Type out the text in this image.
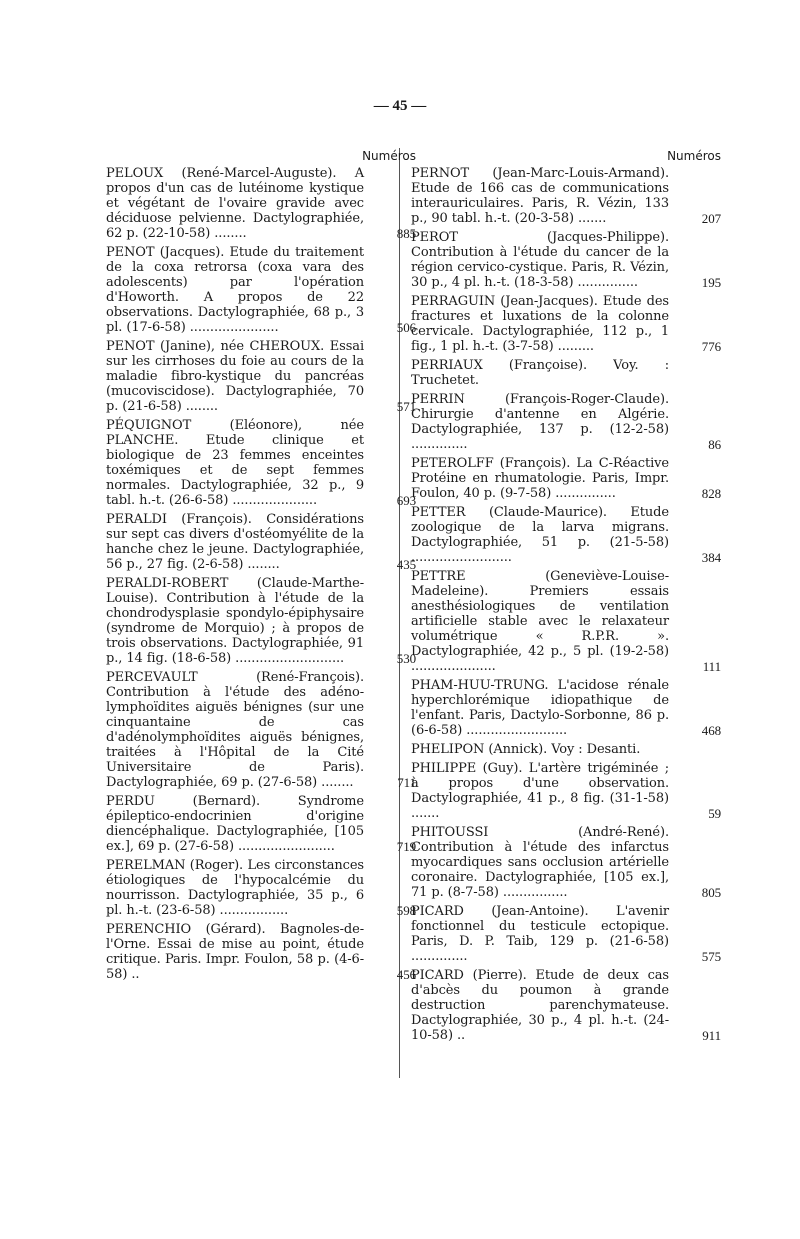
— 45 —
Numéros
PELOUX (René-Marcel-Auguste). A propos d'un cas de lutéinome kystique et végétant de l'ovaire gravide avec déciduose pelvienne. Dactylographiée, 62 p. (22-10-58) ........	885
PENOT (Jacques). Etude du traitement de la coxa retrorsa (coxa vara des adolescents) par l'opération d'Howorth. A propos de 22 observations. Dactylographiée, 68 p., 3 pl. (17-6-58) ......................	506
PENOT (Janine), née CHEROUX. Essai sur les cirrhoses du foie au cours de la maladie fibro-kystique du pancréas (mucoviscidose). Dactylographiée, 70 p. (21-6-58) ........	571
PÉQUIGNOT (Eléonore), née PLANCHE. Etude clinique et biologique de 23 femmes enceintes toxémiques et de sept femmes normales. Dactylographiée, 32 p., 9 tabl. h.-t. (26-6-58) .....................	693
PERALDI (François). Considérations sur sept cas divers d'ostéomyélite de la hanche chez le jeune. Dactylographiée, 56 p., 27 fig. (2-6-58) ........	435
PERALDI-ROBERT (Claude-Marthe-Louise). Contribution à l'étude de la chondrodysplasie spondylo-épiphysaire (syndrome de Morquio) ; à propos de trois observations. Dactylographiée, 91 p., 14 fig. (18-6-58) ...........................	530
PERCEVAULT (René-François). Contribution à l'étude des adéno-lymphoïdites aiguës bénignes (sur une cinquantaine de cas d'adénolymphoïdites aiguës bénignes, traitées à l'Hôpital de la Cité Universitaire de Paris). Dactylographiée, 69 p. (27-6-58) ........	711
PERDU (Bernard). Syndrome épileptico-endocrinien d'origine diencéphalique. Dactylographiée, [105 ex.], 69 p. (27-6-58) ........................	719
PERELMAN (Roger). Les circonstances étiologiques de l'hypocalcémie du nourrisson. Dactylographiée, 35 p., 6 pl. h.-t. (23-6-58) .................	598
PERENCHIO (Gérard). Bagnoles-de-l'Orne. Essai de mise au point, étude critique. Paris. Impr. Foulon, 58 p. (4-6-58) ..	456
Numéros
PERNOT (Jean-Marc-Louis-Armand). Etude de 166 cas de communications interauriculaires. Paris, R. Vézin, 133 p., 90 tabl. h.-t. (20-3-58) .......	207
PEROT (Jacques-Philippe). Contribution à l'étude du cancer de la région cervico-cystique. Paris, R. Vézin, 30 p., 4 pl. h.-t. (18-3-58) ...............	195
PERRAGUIN (Jean-Jacques). Etude des fractures et luxations de la colonne cervicale. Dactylographiée, 112 p., 1 fig., 1 pl. h.-t. (3-7-58) .........	776
PERRIAUX (Françoise). Voy. : Truchetet.
PERRIN (François-Roger-Claude). Chirurgie d'antenne en Algérie. Dactylographiée, 137 p. (12-2-58) ..............	86
PETEROLFF (François). La C-Réactive Protéine en rhumatologie. Paris, Impr. Foulon, 40 p. (9-7-58) ...............	828
PETTER (Claude-Maurice). Etude zoologique de la larva migrans. Dactylographiée, 51 p. (21-5-58) .........................	384
PETTRE (Geneviève-Louise-Madeleine). Premiers essais anesthésiologiques de ventilation artificielle stable avec le relaxateur volumétrique « R.P.R. ». Dactylographiée, 42 p., 5 pl. (19-2-58) .....................	111
PHAM-HUU-TRUNG. L'acidose rénale hyperchlorémique idiopathique de l'enfant. Paris, Dactylo-Sorbonne, 86 p. (6-6-58) .........................	468
PHELIPON (Annick). Voy : Desanti.
PHILIPPE (Guy). L'artère trigéminée ; à propos d'une observation. Dactylographiée, 41 p., 8 fig. (31-1-58) .......	59
PHITOUSSI (André-René). Contribution à l'étude des infarctus myocardiques sans occlusion artérielle coronaire. Dactylographiée, [105 ex.], 71 p. (8-7-58) ................	805
PICARD (Jean-Antoine). L'avenir fonctionnel du testicule ectopique. Paris, D. P. Taib, 129 p. (21-6-58) ..............	575
PICARD (Pierre). Etude de deux cas d'abcès du poumon à grande destruction parenchymateuse. Dactylographiée, 30 p., 4 pl. h.-t. (24-10-58) ..	911
